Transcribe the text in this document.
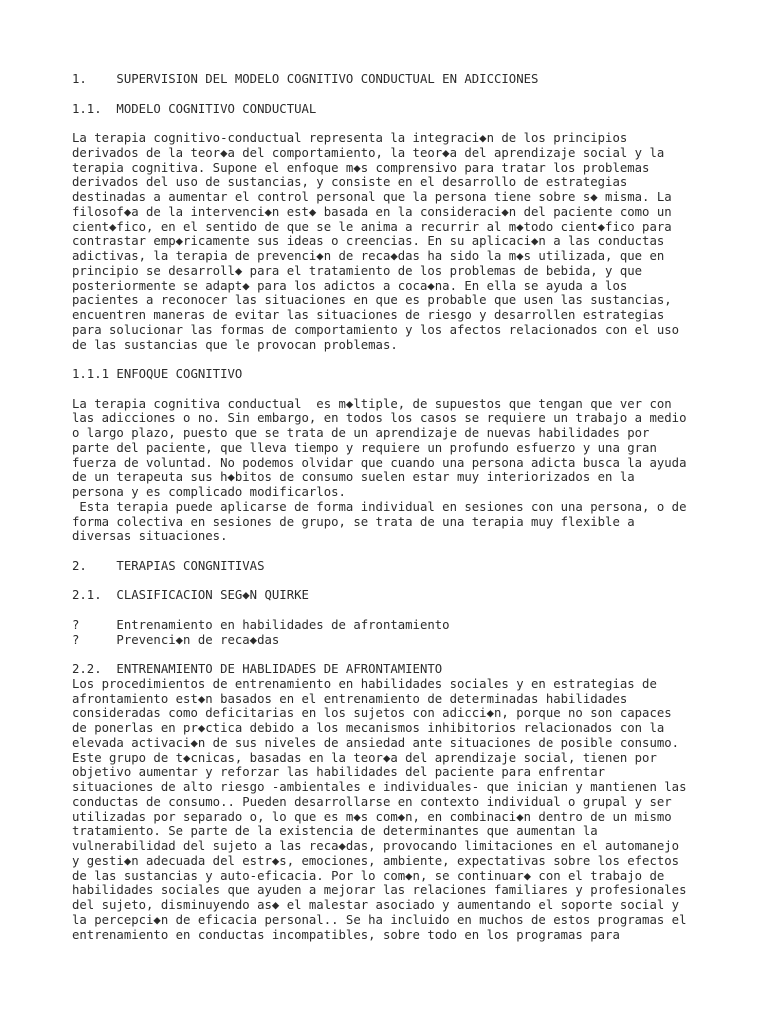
1.    SUPERVISION DEL MODELO COGNITIVO CONDUCTUAL EN ADICCIONES
1.1.  MODELO COGNITIVO CONDUCTUAL
La terapia cognitivo-conductual representa la integraci◆n de los principios
derivados de la teor◆a del comportamiento, la teor◆a del aprendizaje social y la
terapia cognitiva. Supone el enfoque m◆s comprensivo para tratar los problemas
derivados del uso de sustancias, y consiste en el desarrollo de estrategias
destinadas a aumentar el control personal que la persona tiene sobre s◆ misma. La
filosof◆a de la intervenci◆n est◆ basada en la consideraci◆n del paciente como un
cient◆fico, en el sentido de que se le anima a recurrir al m◆todo cient◆fico para
contrastar emp◆ricamente sus ideas o creencias. En su aplicaci◆n a las conductas
adictivas, la terapia de prevenci◆n de reca◆das ha sido la m◆s utilizada, que en
principio se desarroll◆ para el tratamiento de los problemas de bebida, y que
posteriormente se adapt◆ para los adictos a coca◆na. En ella se ayuda a los
pacientes a reconocer las situaciones en que es probable que usen las sustancias,
encuentren maneras de evitar las situaciones de riesgo y desarrollen estrategias
para solucionar las formas de comportamiento y los afectos relacionados con el uso
de las sustancias que le provocan problemas.
1.1.1 ENFOQUE COGNITIVO
La terapia cognitiva conductual  es m◆ltiple, de supuestos que tengan que ver con
las adicciones o no. Sin embargo, en todos los casos se requiere un trabajo a medio
o largo plazo, puesto que se trata de un aprendizaje de nuevas habilidades por
parte del paciente, que lleva tiempo y requiere un profundo esfuerzo y una gran
fuerza de voluntad. No podemos olvidar que cuando una persona adicta busca la ayuda
de un terapeuta sus h◆bitos de consumo suelen estar muy interiorizados en la
persona y es complicado modificarlos.
Esta terapia puede aplicarse de forma individual en sesiones con una persona, o de
forma colectiva en sesiones de grupo, se trata de una terapia muy flexible a
diversas situaciones.
2.    TERAPIAS CONGNITIVAS
2.1.  CLASIFICACION SEG◆N QUIRKE
?     Entrenamiento en habilidades de afrontamiento
?     Prevenci◆n de reca◆das
2.2.  ENTRENAMIENTO DE HABLIDADES DE AFRONTAMIENTO
Los procedimientos de entrenamiento en habilidades sociales y en estrategias de
afrontamiento est◆n basados en el entrenamiento de determinadas habilidades
consideradas como deficitarias en los sujetos con adicci◆n, porque no son capaces
de ponerlas en pr◆ctica debido a los mecanismos inhibitorios relacionados con la
elevada activaci◆n de sus niveles de ansiedad ante situaciones de posible consumo.
Este grupo de t◆cnicas, basadas en la teor◆a del aprendizaje social, tienen por
objetivo aumentar y reforzar las habilidades del paciente para enfrentar
situaciones de alto riesgo -ambientales e individuales- que inician y mantienen las
conductas de consumo.. Pueden desarrollarse en contexto individual o grupal y ser
utilizadas por separado o, lo que es m◆s com◆n, en combinaci◆n dentro de un mismo
tratamiento. Se parte de la existencia de determinantes que aumentan la
vulnerabilidad del sujeto a las reca◆das, provocando limitaciones en el automanejo
y gesti◆n adecuada del estr◆s, emociones, ambiente, expectativas sobre los efectos
de las sustancias y auto-eficacia. Por lo com◆n, se continuar◆ con el trabajo de
habilidades sociales que ayuden a mejorar las relaciones familiares y profesionales
del sujeto, disminuyendo as◆ el malestar asociado y aumentando el soporte social y
la percepci◆n de eficacia personal.. Se ha incluido en muchos de estos programas el
entrenamiento en conductas incompatibles, sobre todo en los programas para
